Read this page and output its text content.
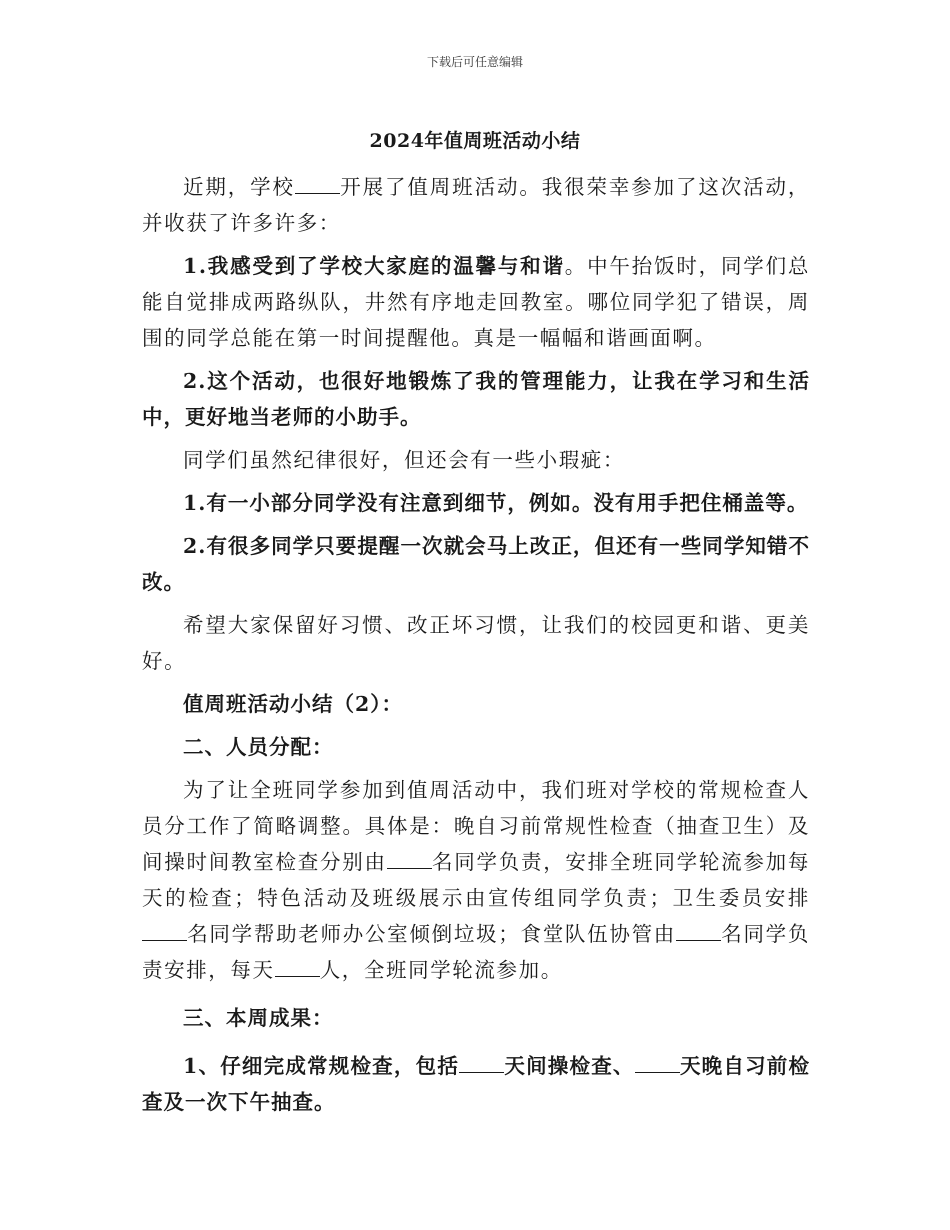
下载后可任意编辑
2024年值周班活动小结

近期，学校 开展了值周班活动。我很荣幸参加了这次活动，并收获了许多许多：

1.我感受到了学校大家庭的温馨与和谐。中午抬饭时，同学们总能自觉排成两路纵队，井然有序地走回教室。哪位同学犯了错误，周围的同学总能在第一时间提醒他。真是一幅幅和谐画面啊。

2.这个活动，也很好地锻炼了我的管理能力，让我在学习和生活中，更好地当老师的小助手。

同学们虽然纪律很好，但还会有一些小瑕疵：

1.有一小部分同学没有注意到细节，例如。没有用手把住桶盖等。

2.有很多同学只要提醒一次就会马上改正，但还有一些同学知错不改。

希望大家保留好习惯、改正坏习惯，让我们的校园更和谐、更美好。

值周班活动小结（2）：

二、人员分配：

为了让全班同学参加到值周活动中，我们班对学校的常规检查人员分工作了简略调整。具体是：晚自习前常规性检查（抽查卫生）及间操时间教室检查分别由 名同学负责，安排全班同学轮流参加每天的检查；特色活动及班级展示由宣传组同学负责；卫生委员安排名同学帮助老师办公室倾倒垃圾；食堂队伍协管由 名同学负责安排，每天 人，全班同学轮流参加。

三、本周成果：

1、仔细完成常规检查，包括 天间操检查、 天晚自习前检查及一次下午抽查。
